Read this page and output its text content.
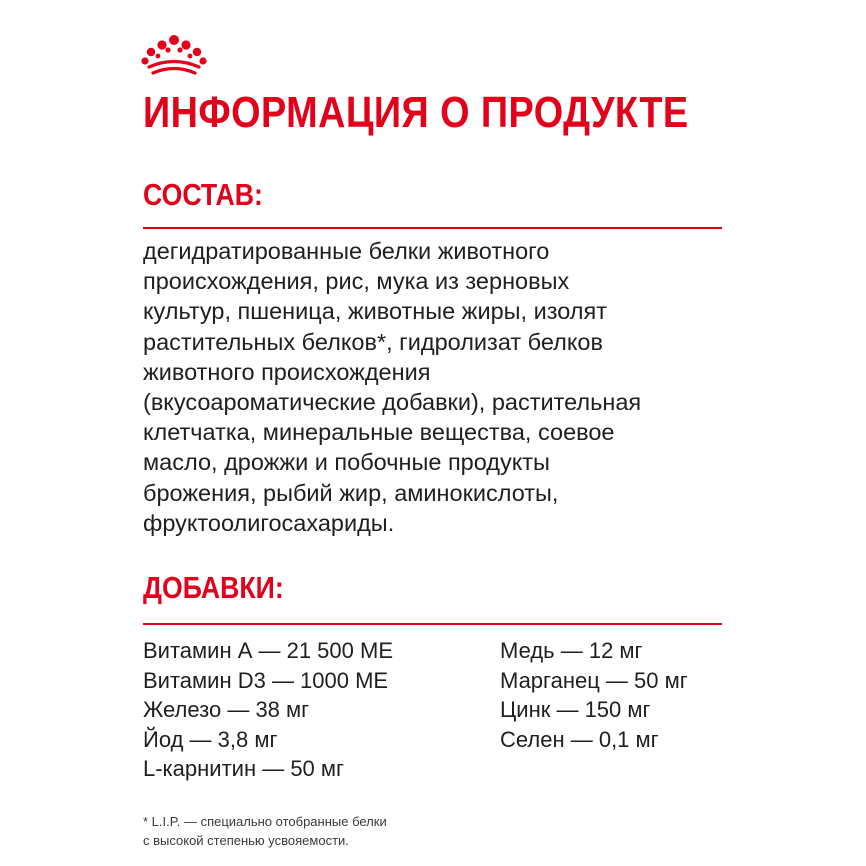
ИНФОРМАЦИЯ О ПРОДУКТЕ
СОСТАВ:

дегидратированные белки животного
происхождения, рис, мука из зерновых
культур, пшеница, животные жиры, изолят
растительных белков*, гидролизат белков
животного происхождения
(вкусоароматические добавки), растительная
клетчатка, минеральные вещества, соевое
масло, дрожжи и побочные продукты
брожения, рыбий жир, аминокислоты,
фруктоолигосахариды.

ДОБАВКИ:
Витамин А — 21 500 МЕ
Витамин D3 — 1000 МЕ
Железо — 38 мг
Йод — 3,8 мг
L-карнитин — 50 мг
Медь — 12 мг
Марганец — 50 мг
Цинк — 150 мг
Селен — 0,1 мг

* L.I.P. — специально отобранные белки
с высокой степенью усвояемости.
